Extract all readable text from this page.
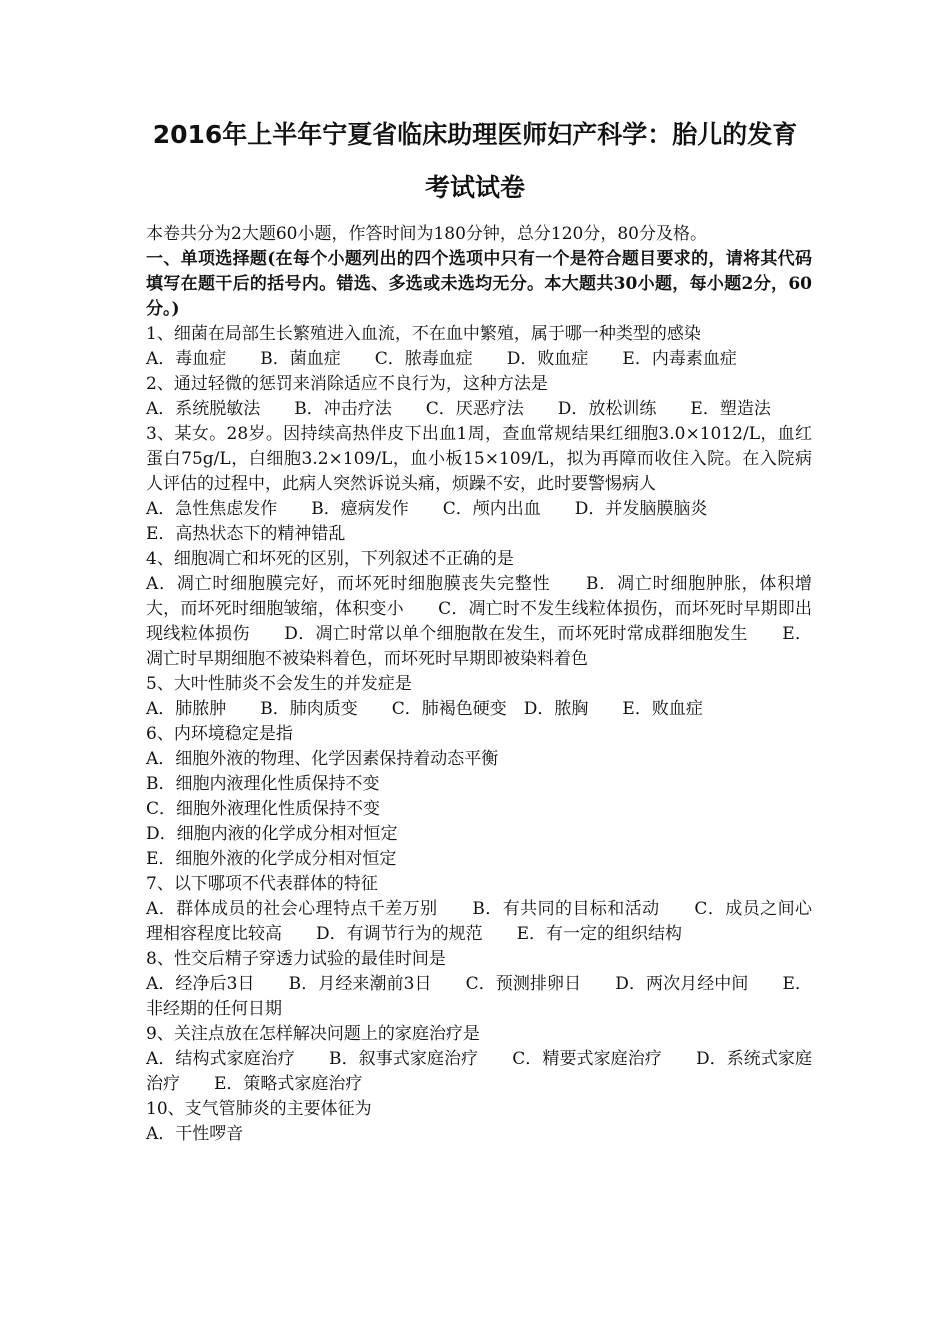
2016年上半年宁夏省临床助理医师妇产科学：胎儿的发育
考试试卷

本卷共分为2大题60小题，作答时间为180分钟，总分120分，80分及格。

一、单项选择题(在每个小题列出的四个选项中只有一个是符合题目要求的，请将其代码填写在题干后的括号内。错选、多选或未选均无分。本大题共30小题，每小题2分，60分。)

1、细菌在局部生长繁殖进入血流，不在血中繁殖，属于哪一种类型的感染

A．毒血症　　B．菌血症　　C．脓毒血症　　D．败血症　　E．内毒素血症

2、通过轻微的惩罚来消除适应不良行为，这种方法是

A．系统脱敏法　　B．冲击疗法　　C．厌恶疗法　　D．放松训练　　E．塑造法

3、某女。28岁。因持续高热伴皮下出血1周，查血常规结果红细胞3.0×1012/L，血红蛋白75g/L，白细胞3.2×109/L，血小板15×109/L，拟为再障而收住入院。在入院病人评估的过程中，此病人突然诉说头痛，烦躁不安，此时要警惕病人

A．急性焦虑发作　　B．癔病发作　　C．颅内出血　　D．并发脑膜脑炎

E．高热状态下的精神错乱

4、细胞凋亡和坏死的区别，下列叙述不正确的是

A．凋亡时细胞膜完好，而坏死时细胞膜丧失完整性　　B．凋亡时细胞肿胀，体积增大，而坏死时细胞皱缩，体积变小　　C．凋亡时不发生线粒体损伤，而坏死时早期即出现线粒体损伤　　D．凋亡时常以单个细胞散在发生，而坏死时常成群细胞发生　　E．凋亡时早期细胞不被染料着色，而坏死时早期即被染料着色

5、大叶性肺炎不会发生的并发症是

A．肺脓肿　　B．肺肉质变　　C．肺褐色硬变　D．脓胸　　E．败血症

6、内环境稳定是指

A．细胞外液的物理、化学因素保持着动态平衡

B．细胞内液理化性质保持不变

C．细胞外液理化性质保持不变

D．细胞内液的化学成分相对恒定

E．细胞外液的化学成分相对恒定

7、以下哪项不代表群体的特征

A．群体成员的社会心理特点千差万别　　B．有共同的目标和活动　　C．成员之间心理相容程度比较高　　D．有调节行为的规范　　E．有一定的组织结构

8、性交后精子穿透力试验的最佳时间是

A．经净后3日　　B．月经来潮前3日　　C．预测排卵日　　D．两次月经中间　　E．非经期的任何日期

9、关注点放在怎样解决问题上的家庭治疗是

A．结构式家庭治疗　　B．叙事式家庭治疗　　C．精要式家庭治疗　　D．系统式家庭治疗　　E．策略式家庭治疗

10、支气管肺炎的主要体征为

A．干性啰音
